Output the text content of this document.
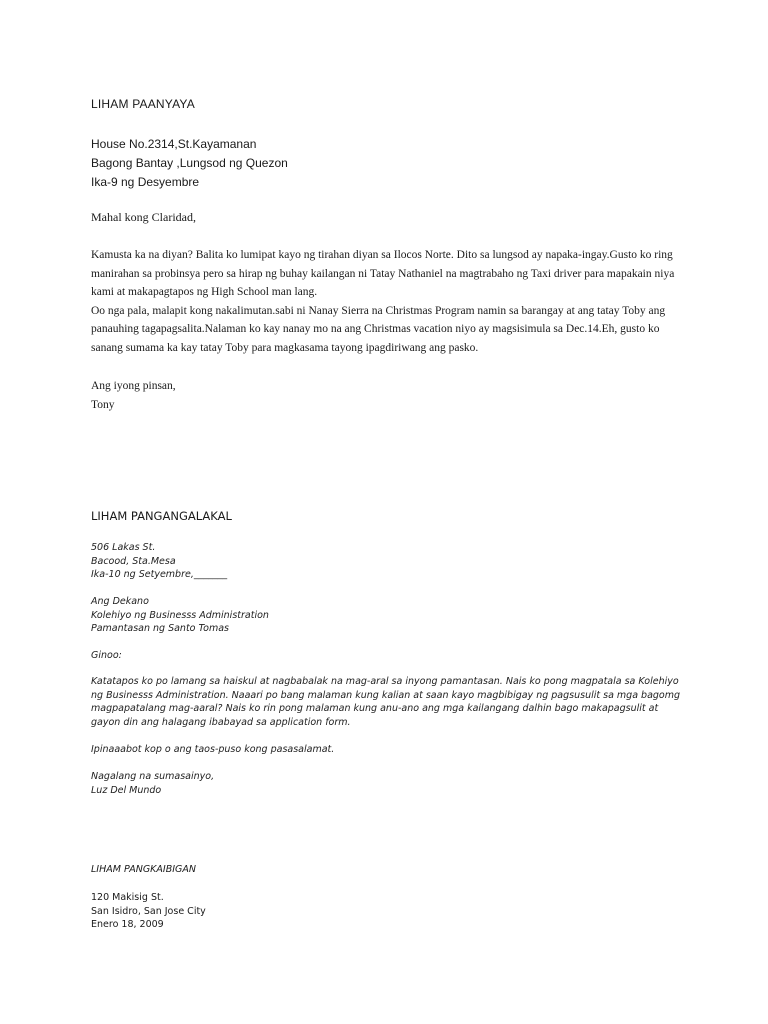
LIHAM PAANYAYA
House No.2314,St.Kayamanan
Bagong Bantay ,Lungsod ng Quezon
Ika-9 ng Desyembre
Mahal kong Claridad,
Kamusta ka na diyan? Balita ko lumipat kayo ng tirahan diyan sa Ilocos Norte. Dito sa lungsod ay napaka-ingay.Gusto ko ring
manirahan sa probinsya pero sa hirap ng buhay kailangan ni Tatay Nathaniel na magtrabaho ng Taxi driver para mapakain niya
kami at makapagtapos ng High School man lang.
Oo nga pala, malapit kong nakalimutan.sabi ni Nanay Sierra na Christmas Program namin sa barangay at ang tatay Toby ang
panauhing tagapagsalita.Nalaman ko kay nanay mo na ang Christmas vacation niyo ay magsisimula sa Dec.14.Eh, gusto ko
sanang sumama ka kay tatay Toby para magkasama tayong ipagdiriwang ang pasko.
Ang iyong pinsan,
Tony
LIHAM PANGANGALAKAL
506 Lakas St.
Bacood, Sta.Mesa
Ika-10 ng Setyembre,_______
Ang Dekano
Kolehiyo ng Businesss Administration
Pamantasan ng Santo Tomas
Ginoo:
Katatapos ko po lamang sa haiskul at nagbabalak na mag-aral sa inyong pamantasan. Nais ko pong magpatala sa Kolehiyo
ng Businesss Administration. Naaari po bang malaman kung kalian at saan kayo magbibigay ng pagsusulit sa mga bagomg
magpapatalang mag-aaral? Nais ko rin pong malaman kung anu-ano ang mga kailangang dalhin bago makapagsulit at
gayon din ang halagang ibabayad sa application form.
Ipinaaabot kop o ang taos-puso kong pasasalamat.
Nagalang na sumasainyo,
Luz Del Mundo
LIHAM PANGKAIBIGAN
120 Makisig St.
San Isidro, San Jose City
Enero 18, 2009
